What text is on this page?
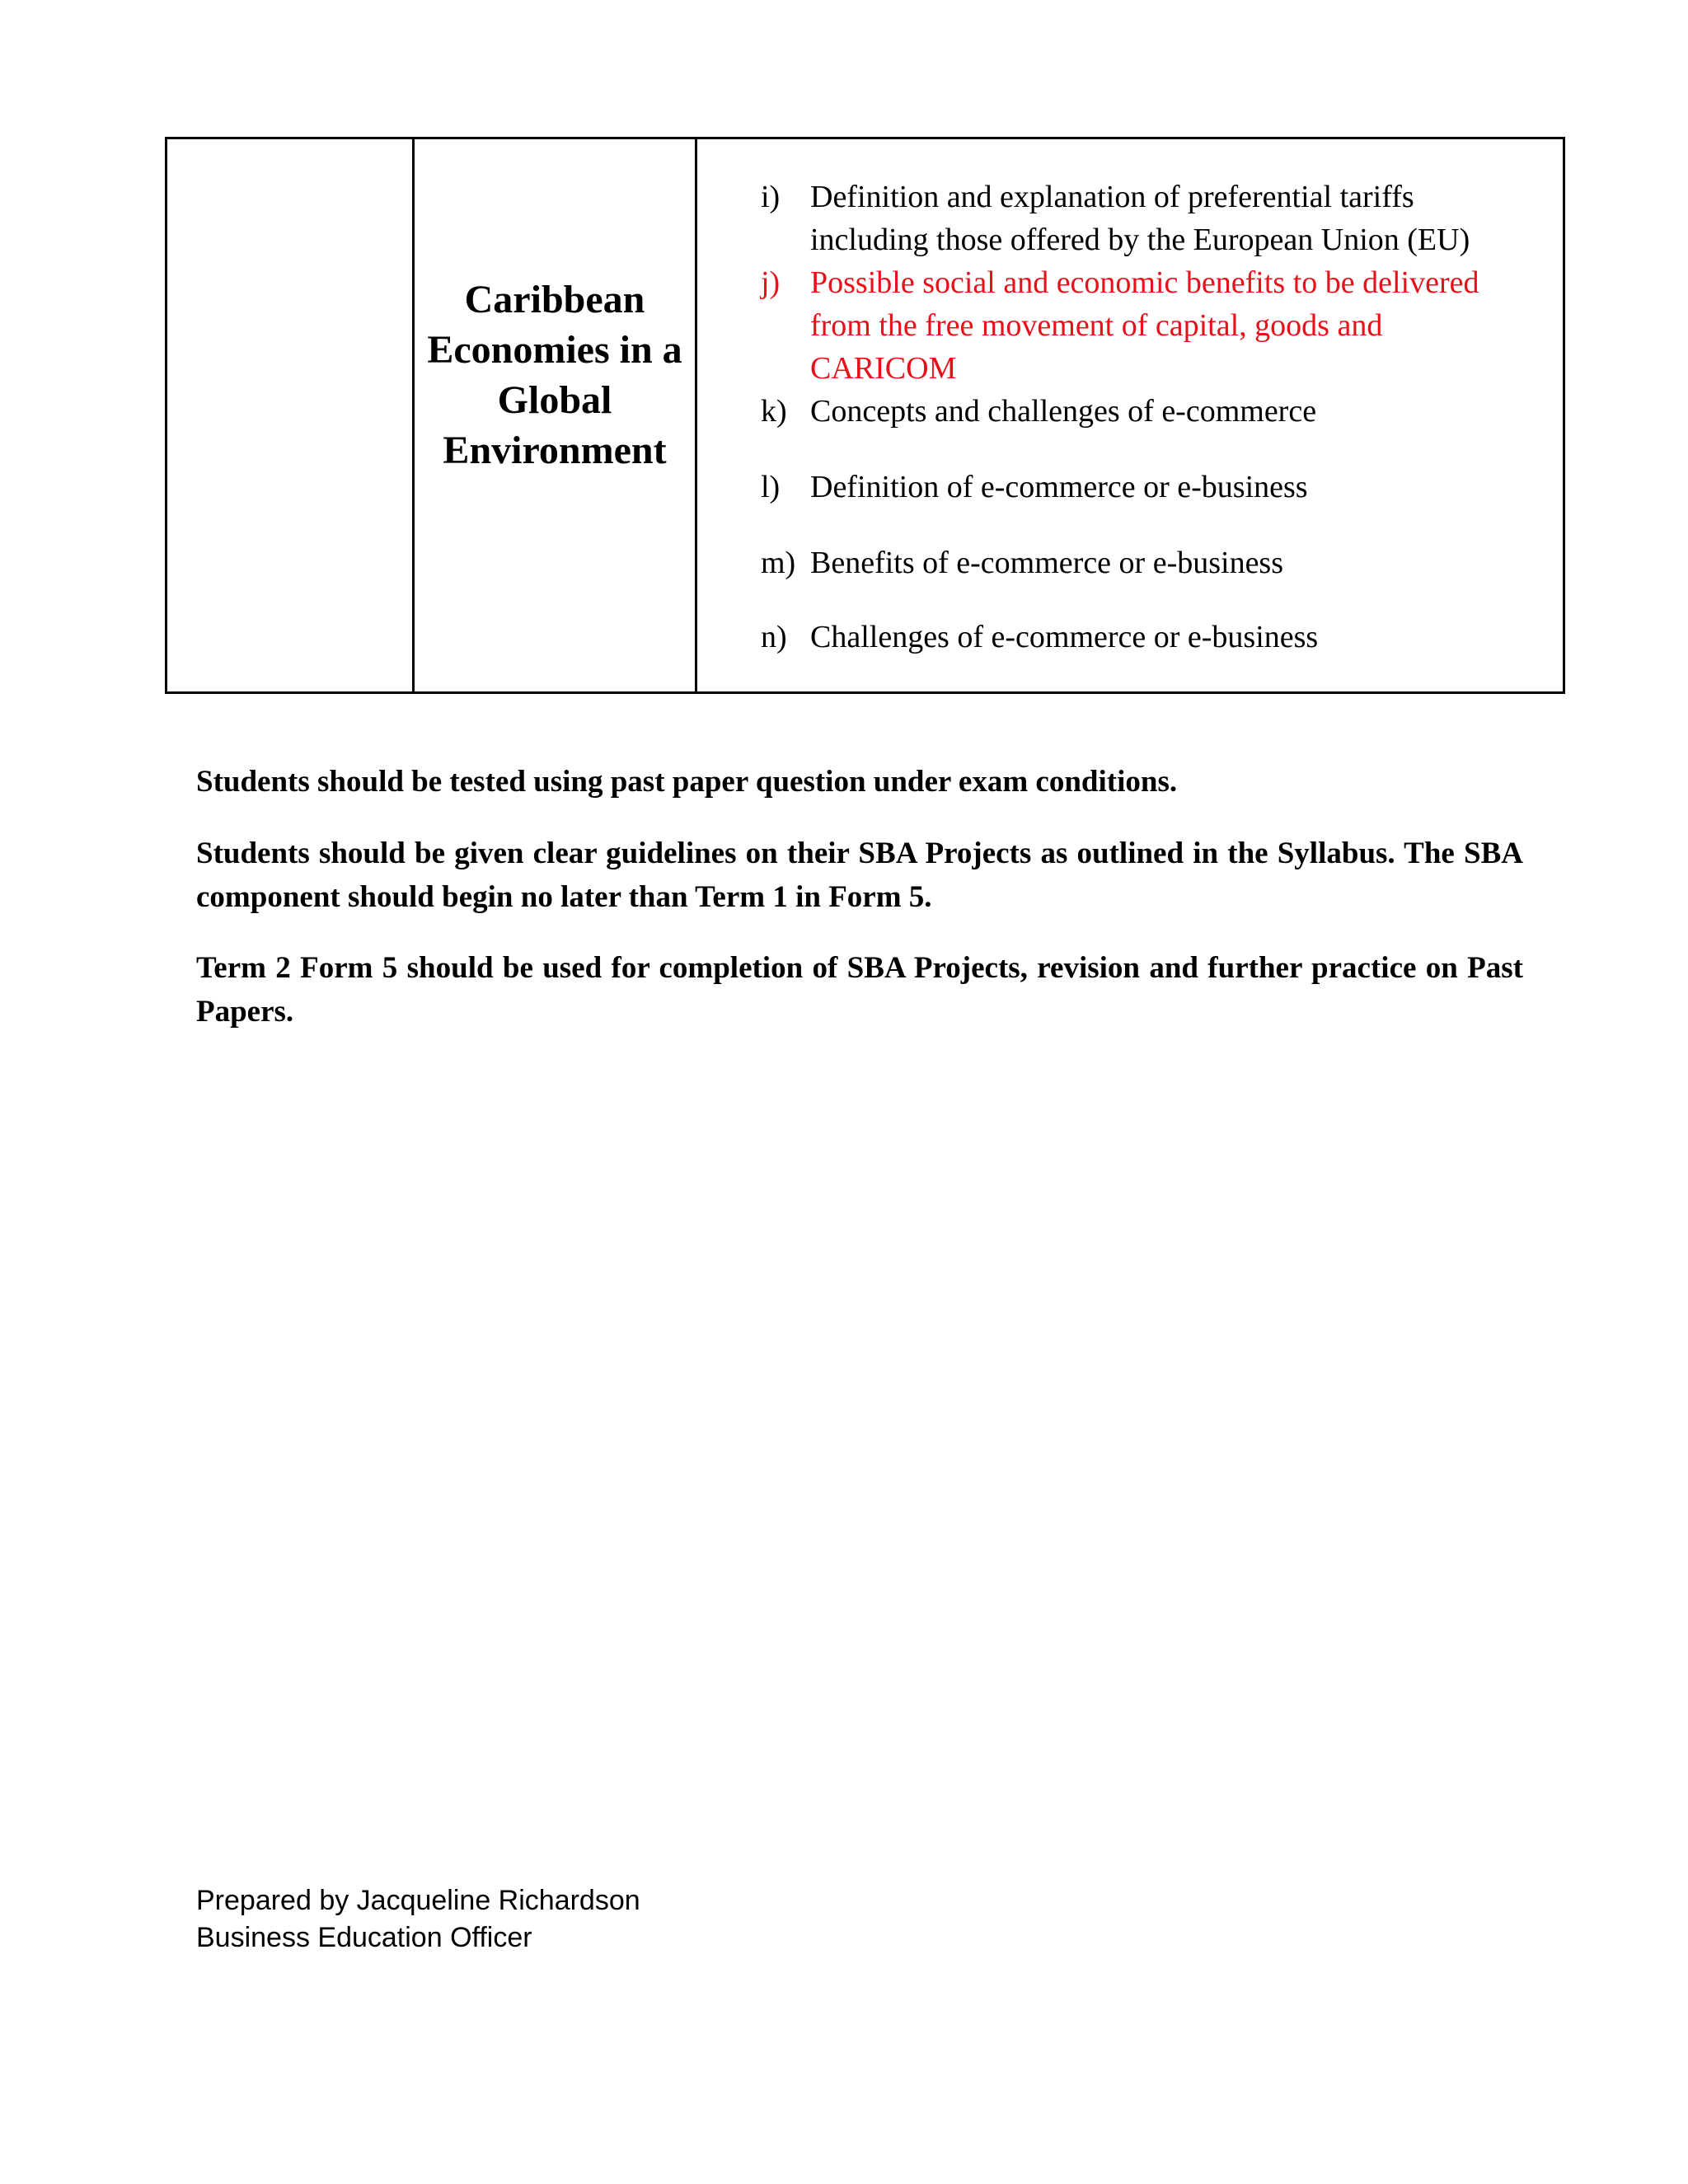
Caribbean Economies in a Global Environment
i) Definition and explanation of preferential tariffs including those offered by the European Union (EU)
j) Possible social and economic benefits to be delivered from the free movement of capital, goods and CARICOM
k) Concepts and challenges of e-commerce
l) Definition of e-commerce or e-business
m) Benefits of e-commerce or e-business
n) Challenges of e-commerce or e-business

Students should be tested using past paper question under exam conditions.

Students should be given clear guidelines on their SBA Projects as outlined in the Syllabus. The SBA component should begin no later than Term 1 in Form 5.

Term 2 Form 5 should be used for completion of SBA Projects, revision and further practice on Past Papers.

Prepared by Jacqueline Richardson
Business Education Officer
